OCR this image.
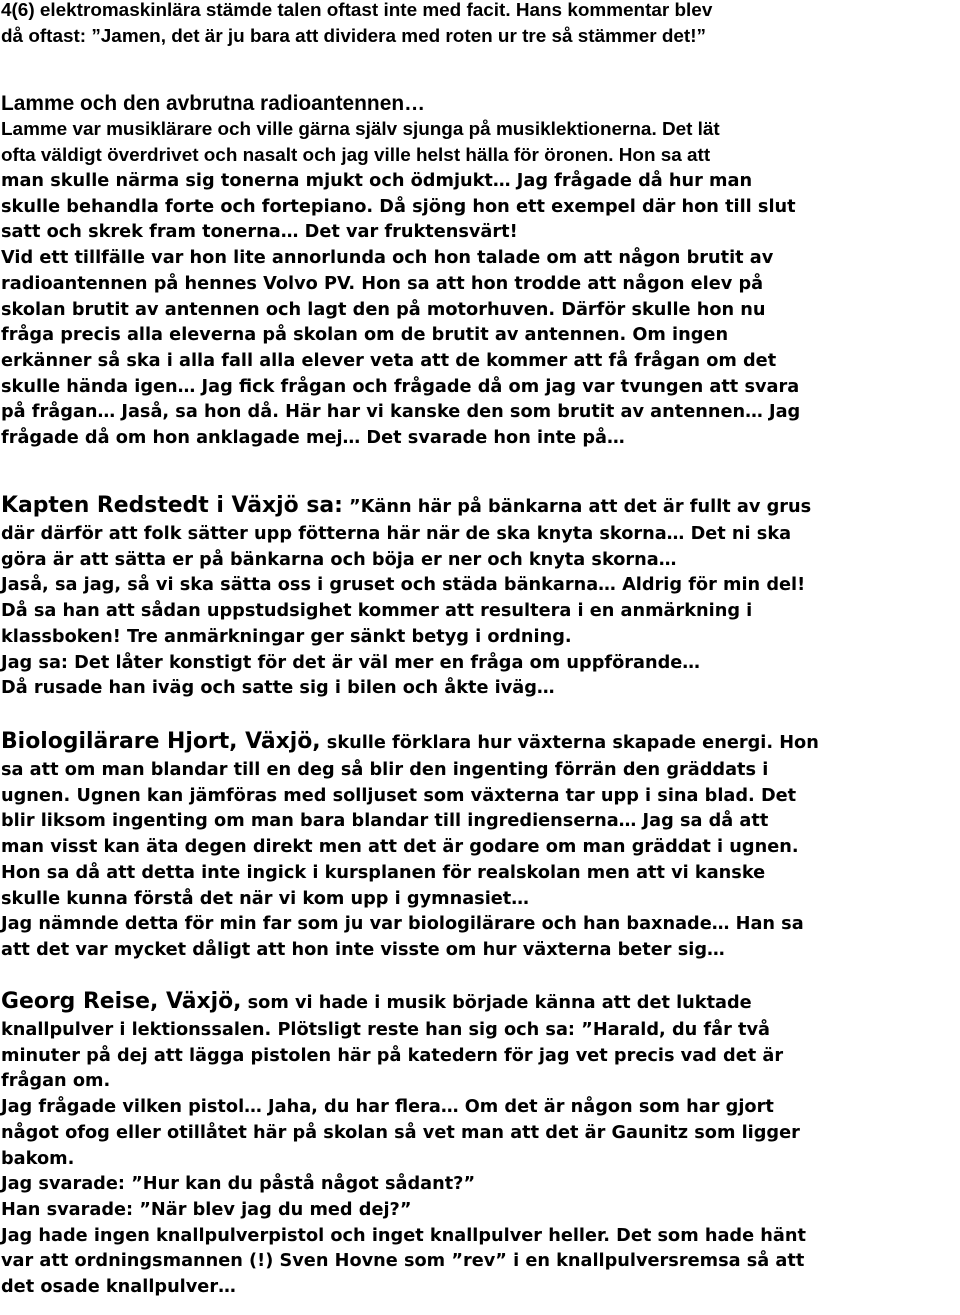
4(6) elektromaskinlära stämde talen oftast inte med facit. Hans kommentar blev
då oftast: ”Jamen, det är ju bara att dividera med roten ur tre så stämmer det!”
Lamme och den avbrutna radioantennen…
Lamme var musiklärare och ville gärna själv sjunga på musiklektionerna. Det lät
ofta väldigt överdrivet och nasalt och jag ville helst hälla för öronen. Hon sa att
man skulle närma sig tonerna mjukt och ödmjukt… Jag frågade då hur man
skulle behandla forte och fortepiano. Då sjöng hon ett exempel där hon till slut
satt och skrek fram tonerna… Det var fruktensvärt!
Vid ett tillfälle var hon lite annorlunda och hon talade om att någon brutit av
radioantennen på hennes Volvo PV. Hon sa att hon trodde att någon elev på
skolan brutit av antennen och lagt den på motorhuven. Därför skulle hon nu
fråga precis alla eleverna på skolan om de brutit av antennen. Om ingen
erkänner så ska i alla fall alla elever veta att de kommer att få frågan om det
skulle hända igen… Jag fick frågan och frågade då om jag var tvungen att svara
på frågan… Jaså, sa hon då. Här har vi kanske den som brutit av antennen… Jag
frågade då om hon anklagade mej… Det svarade hon inte på…
Kapten Redstedt i Växjö sa: ”Känn här på bänkarna att det är fullt av grus
där därför att folk sätter upp fötterna här när de ska knyta skorna… Det ni ska
göra är att sätta er på bänkarna och böja er ner och knyta skorna…
Jaså, sa jag, så vi ska sätta oss i gruset och städa bänkarna… Aldrig för min del!
Då sa han att sådan uppstudsighet kommer att resultera i en anmärkning i
klassboken! Tre anmärkningar ger sänkt betyg i ordning.
Jag sa: Det låter konstigt för det är väl mer en fråga om uppförande…
Då rusade han iväg och satte sig i bilen och åkte iväg…
Biologilärare Hjort, Växjö, skulle förklara hur växterna skapade energi. Hon
sa att om man blandar till en deg så blir den ingenting förrän den gräddats i
ugnen. Ugnen kan jämföras med solljuset som växterna tar upp i sina blad. Det
blir liksom ingenting om man bara blandar till ingredienserna… Jag sa då att
man visst kan äta degen direkt men att det är godare om man gräddat i ugnen.
Hon sa då att detta inte ingick i kursplanen för realskolan men att vi kanske
skulle kunna förstå det när vi kom upp i gymnasiet…
Jag nämnde detta för min far som ju var biologilärare och han baxnade… Han sa
att det var mycket dåligt att hon inte visste om hur växterna beter sig…
Georg Reise, Växjö, som vi hade i musik började känna att det luktade
knallpulver i lektionssalen. Plötsligt reste han sig och sa: ”Harald, du får två
minuter på dej att lägga pistolen här på katedern för jag vet precis vad det är
frågan om.
Jag frågade vilken pistol… Jaha, du har flera… Om det är någon som har gjort
något ofog eller otillåtet här på skolan så vet man att det är Gaunitz som ligger
bakom.
Jag svarade: ”Hur kan du påstå något sådant?”
Han svarade: ”När blev jag du med dej?”
Jag hade ingen knallpulverpistol och inget knallpulver heller. Det som hade hänt
var att ordningsmannen (!) Sven Hovne som ”rev” i en knallpulversremsa så att
det osade knallpulver…
